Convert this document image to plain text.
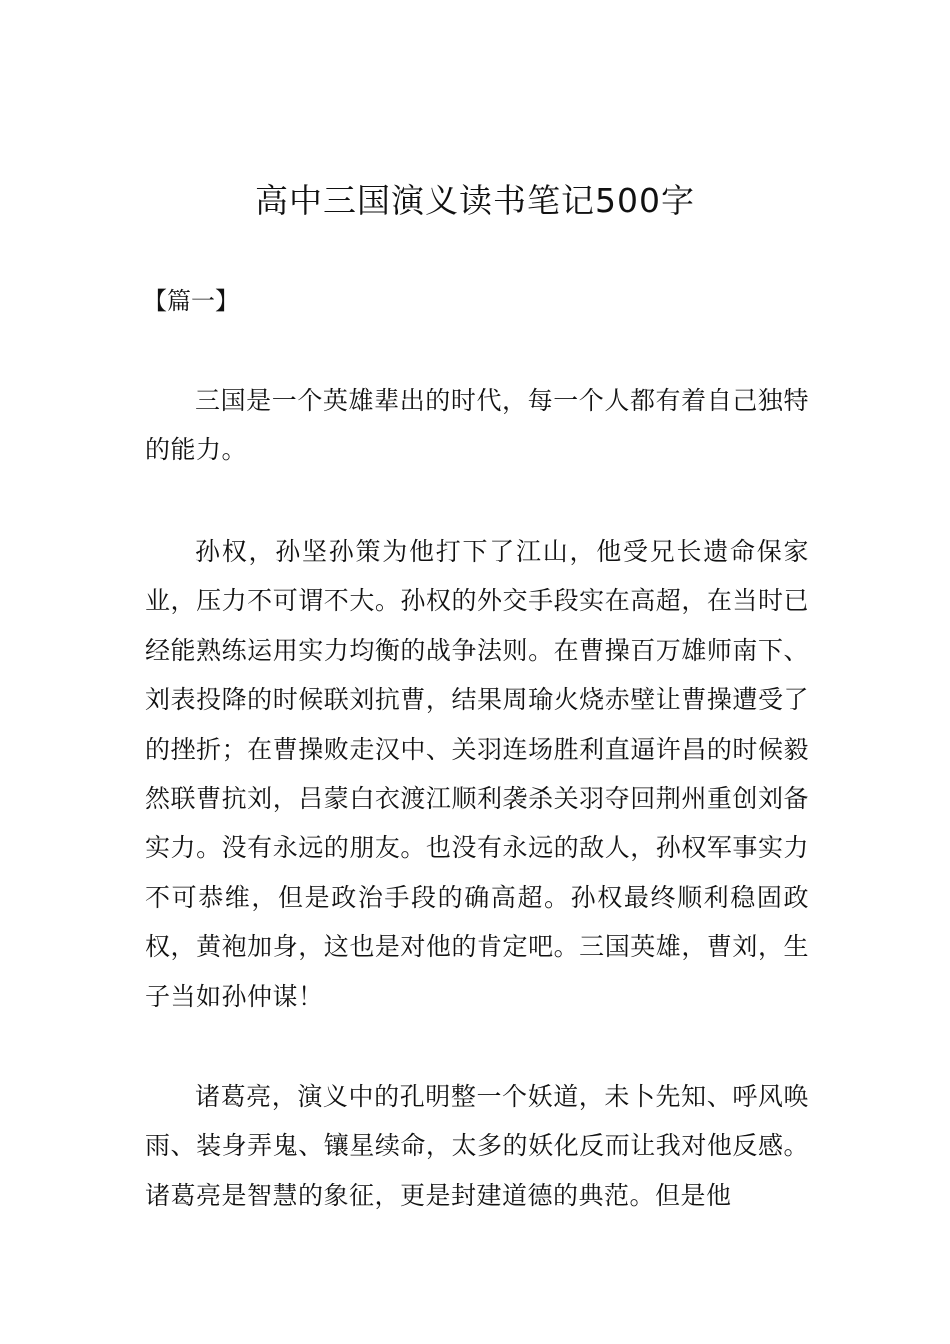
高中三国演义读书笔记500字

【篇一】

三国是一个英雄辈出的时代，每一个人都有着自己独特的能力。

孙权，孙坚孙策为他打下了江山，他受兄长遗命保家业，压力不可谓不大。孙权的外交手段实在高超，在当时已经能熟练运用实力均衡的战争法则。在曹操百万雄师南下、刘表投降的时候联刘抗曹，结果周瑜火烧赤壁让曹操遭受了的挫折；在曹操败走汉中、关羽连场胜利直逼许昌的时候毅然联曹抗刘，吕蒙白衣渡江顺利袭杀关羽夺回荆州重创刘备实力。没有永远的朋友。也没有永远的敌人，孙权军事实力不可恭维，但是政治手段的确高超。孙权最终顺利稳固政权，黄袍加身，这也是对他的肯定吧。三国英雄，曹刘，生子当如孙仲谋！

诸葛亮，演义中的孔明整一个妖道，未卜先知、呼风唤雨、装身弄鬼、镶星续命，太多的妖化反而让我对他反感。诸葛亮是智慧的象征，更是封建道德的典范。但是他
